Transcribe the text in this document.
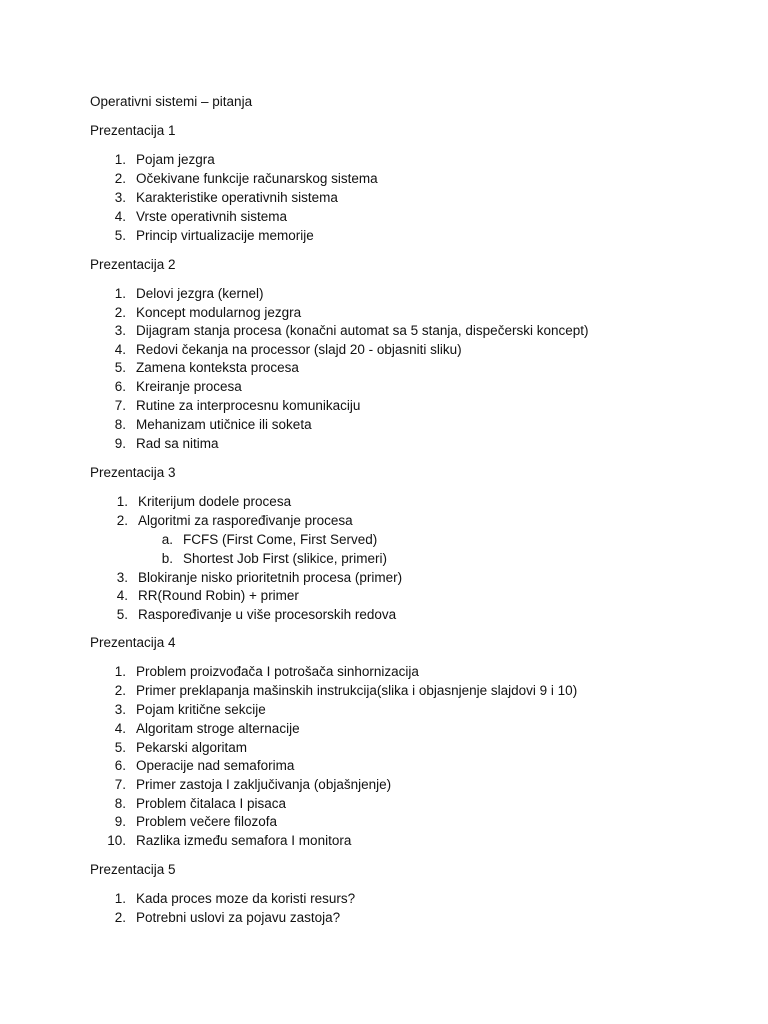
Operativni sistemi – pitanja
Prezentacija 1
1. Pojam jezgra
2. Očekivane funkcije računarskog sistema
3. Karakteristike operativnih sistema
4. Vrste operativnih sistema
5. Princip virtualizacije memorije
Prezentacija 2
1. Delovi jezgra (kernel)
2. Koncept modularnog jezgra
3. Dijagram stanja procesa (konačni automat sa 5 stanja, dispečerski koncept)
4. Redovi čekanja na processor (slajd 20 - objasniti sliku)
5. Zamena konteksta procesa
6. Kreiranje procesa
7. Rutine za interprocesnu komunikaciju
8. Mehanizam utičnice ili soketa
9. Rad sa nitima
Prezentacija 3
1. Kriterijum dodele procesa
2. Algoritmi za raspoređivanje procesa
a. FCFS (First Come, First Served)
b. Shortest Job First (slikice, primeri)
3. Blokiranje nisko prioritetnih procesa (primer)
4. RR(Round Robin) + primer
5. Raspoređivanje u više procesorskih redova
Prezentacija 4
1. Problem proizvođača I potrošača sinhornizacija
2. Primer preklapanja mašinskih instrukcija(slika i objasnjenje slajdovi 9 i 10)
3. Pojam kritične sekcije
4. Algoritam stroge alternacije
5. Pekarski algoritam
6. Operacije nad semaforima
7. Primer zastoja I zaključivanja (objašnjenje)
8. Problem čitalaca I pisaca
9. Problem večere filozofa
10. Razlika između semafora I monitora
Prezentacija 5
1. Kada proces moze da koristi resurs?
2. Potrebni uslovi za pojavu zastoja?
